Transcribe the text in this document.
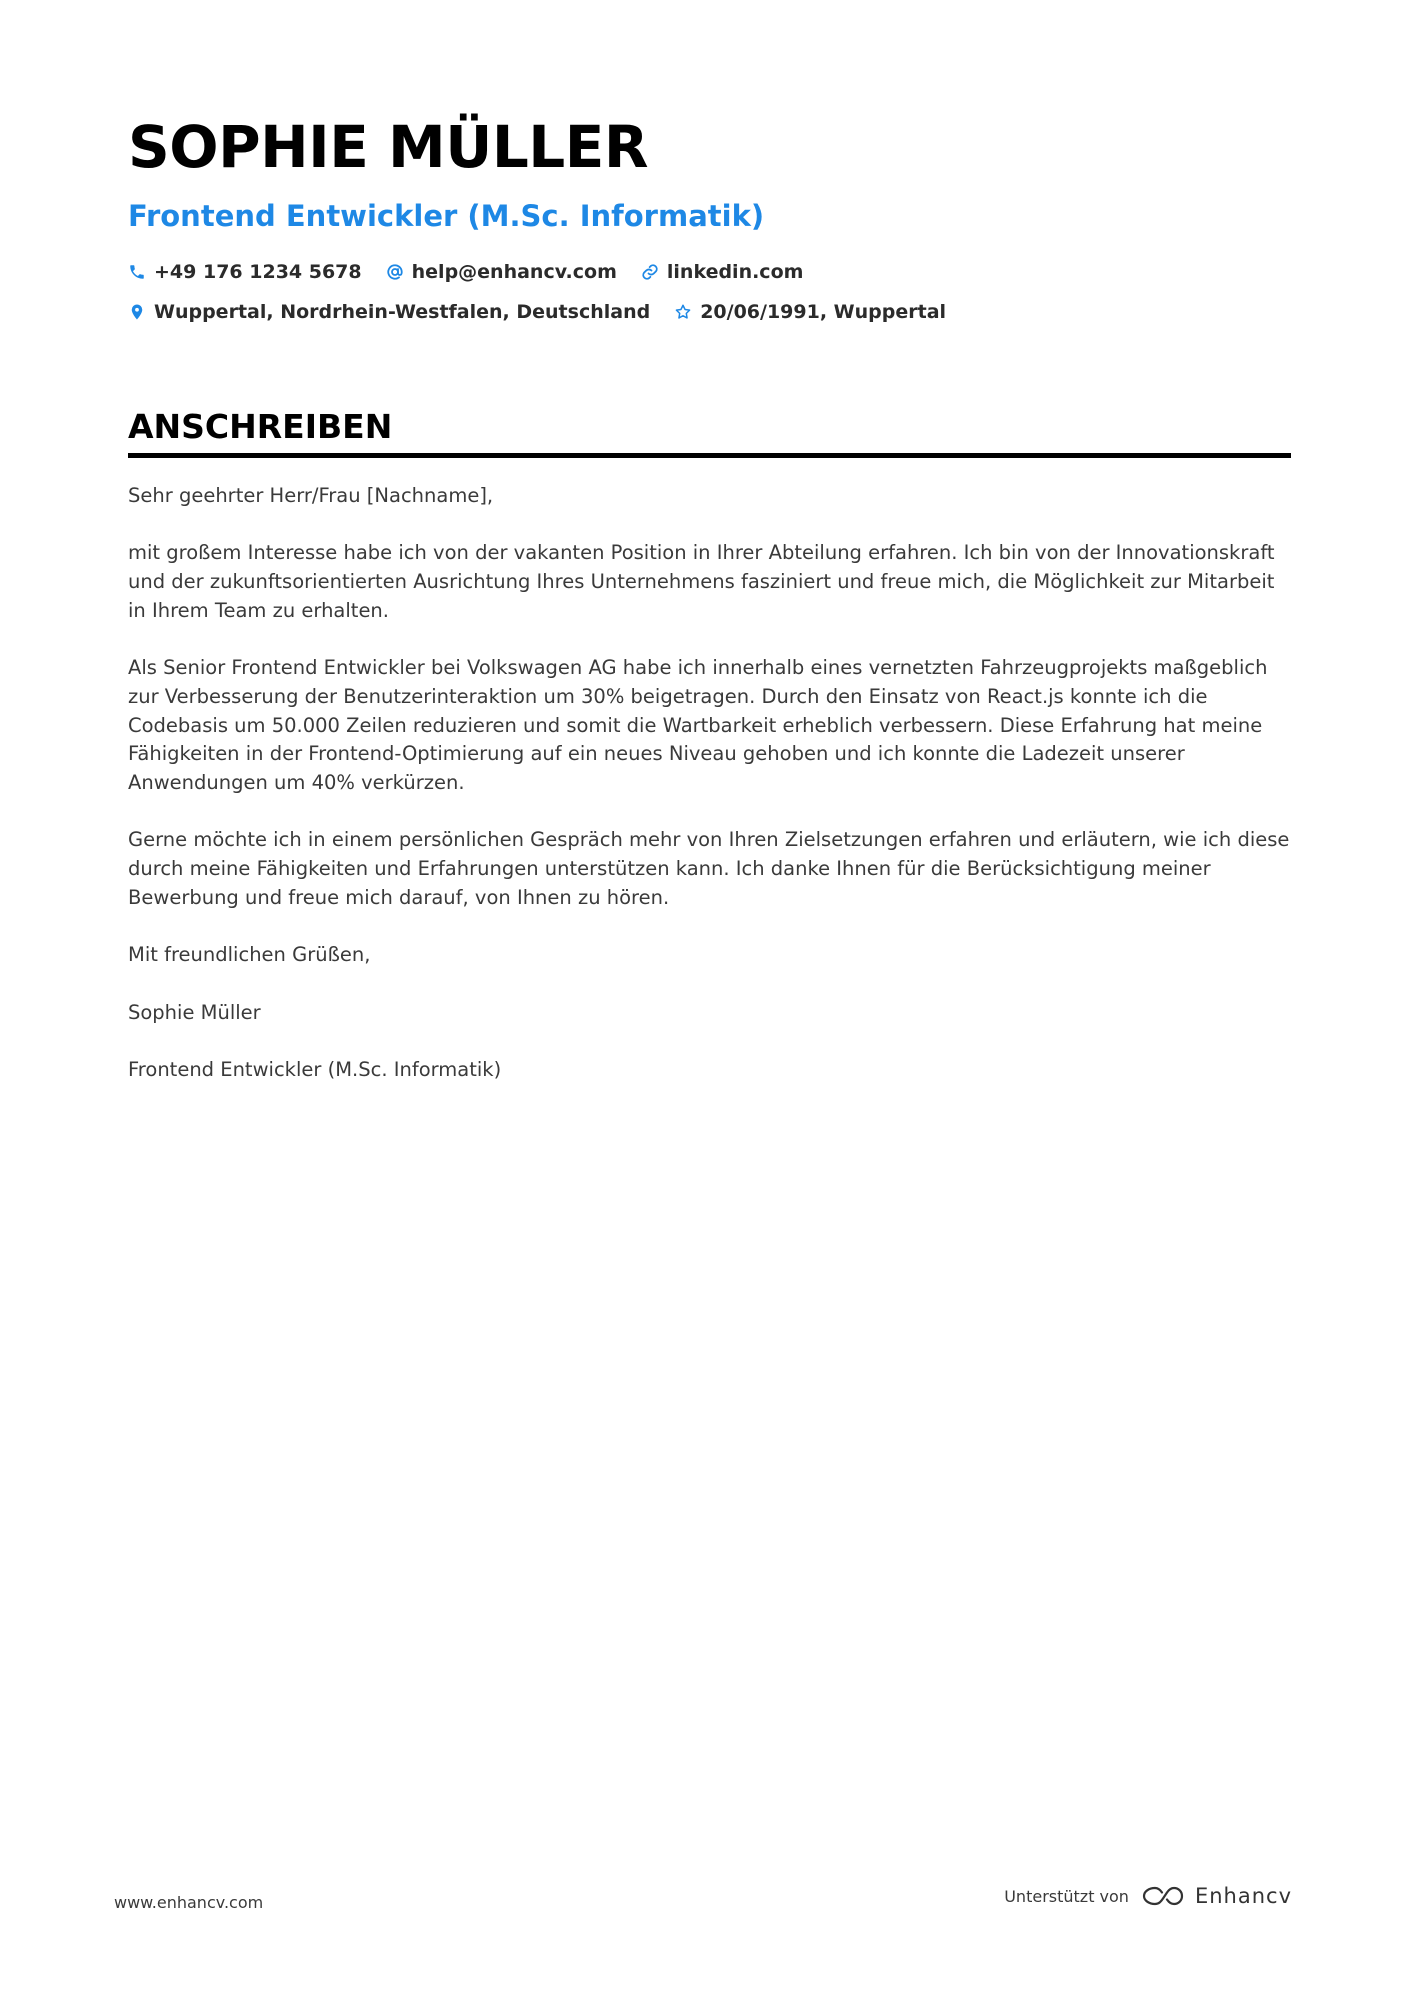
SOPHIE MÜLLER
Frontend Entwickler (M.Sc. Informatik)
+49 176 1234 5678	help@enhancv.com	linkedin.com
Wuppertal, Nordrhein-Westfalen, Deutschland	20/06/1991, Wuppertal
ANSCHREIBEN

Sehr geehrter Herr/Frau [Nachname],

mit großem Interesse habe ich von der vakanten Position in Ihrer Abteilung erfahren. Ich bin von der Innovationskraft und der zukunftsorientierten Ausrichtung Ihres Unternehmens fasziniert und freue mich, die Möglichkeit zur Mitarbeit in Ihrem Team zu erhalten.

Als Senior Frontend Entwickler bei Volkswagen AG habe ich innerhalb eines vernetzten Fahrzeugprojekts maßgeblich zur Verbesserung der Benutzerinteraktion um 30% beigetragen. Durch den Einsatz von React.js konnte ich die Codebasis um 50.000 Zeilen reduzieren und somit die Wartbarkeit erheblich verbessern. Diese Erfahrung hat meine Fähigkeiten in der Frontend-Optimierung auf ein neues Niveau gehoben und ich konnte die Ladezeit unserer Anwendungen um 40% verkürzen.

Gerne möchte ich in einem persönlichen Gespräch mehr von Ihren Zielsetzungen erfahren und erläutern, wie ich diese durch meine Fähigkeiten und Erfahrungen unterstützen kann. Ich danke Ihnen für die Berücksichtigung meiner Bewerbung und freue mich darauf, von Ihnen zu hören.

Mit freundlichen Grüßen,

Sophie Müller

Frontend Entwickler (M.Sc. Informatik)

www.enhancv.com	Unterstützt von	Enhancv
